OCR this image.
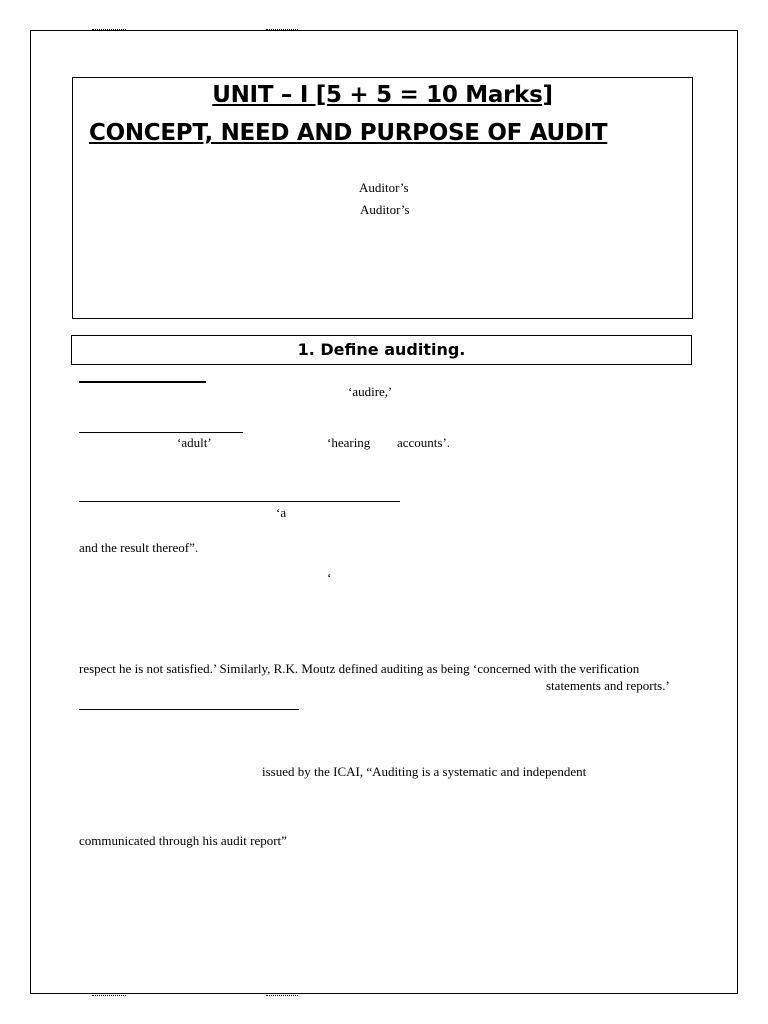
UNIT – I [5 + 5 = 10 Marks]
CONCEPT, NEED AND PURPOSE OF AUDIT
Auditor’s
Auditor’s
1. Define auditing.
‘audire,’
‘adult’	‘hearing accounts’.
‘a
and the result thereof”.
‘
respect he is not satisfied.’ Similarly, R.K. Moutz defined auditing as being ‘concerned with the verification
statements and reports.’
issued by the ICAI, “Auditing is a systematic and independent
communicated through his audit report”
